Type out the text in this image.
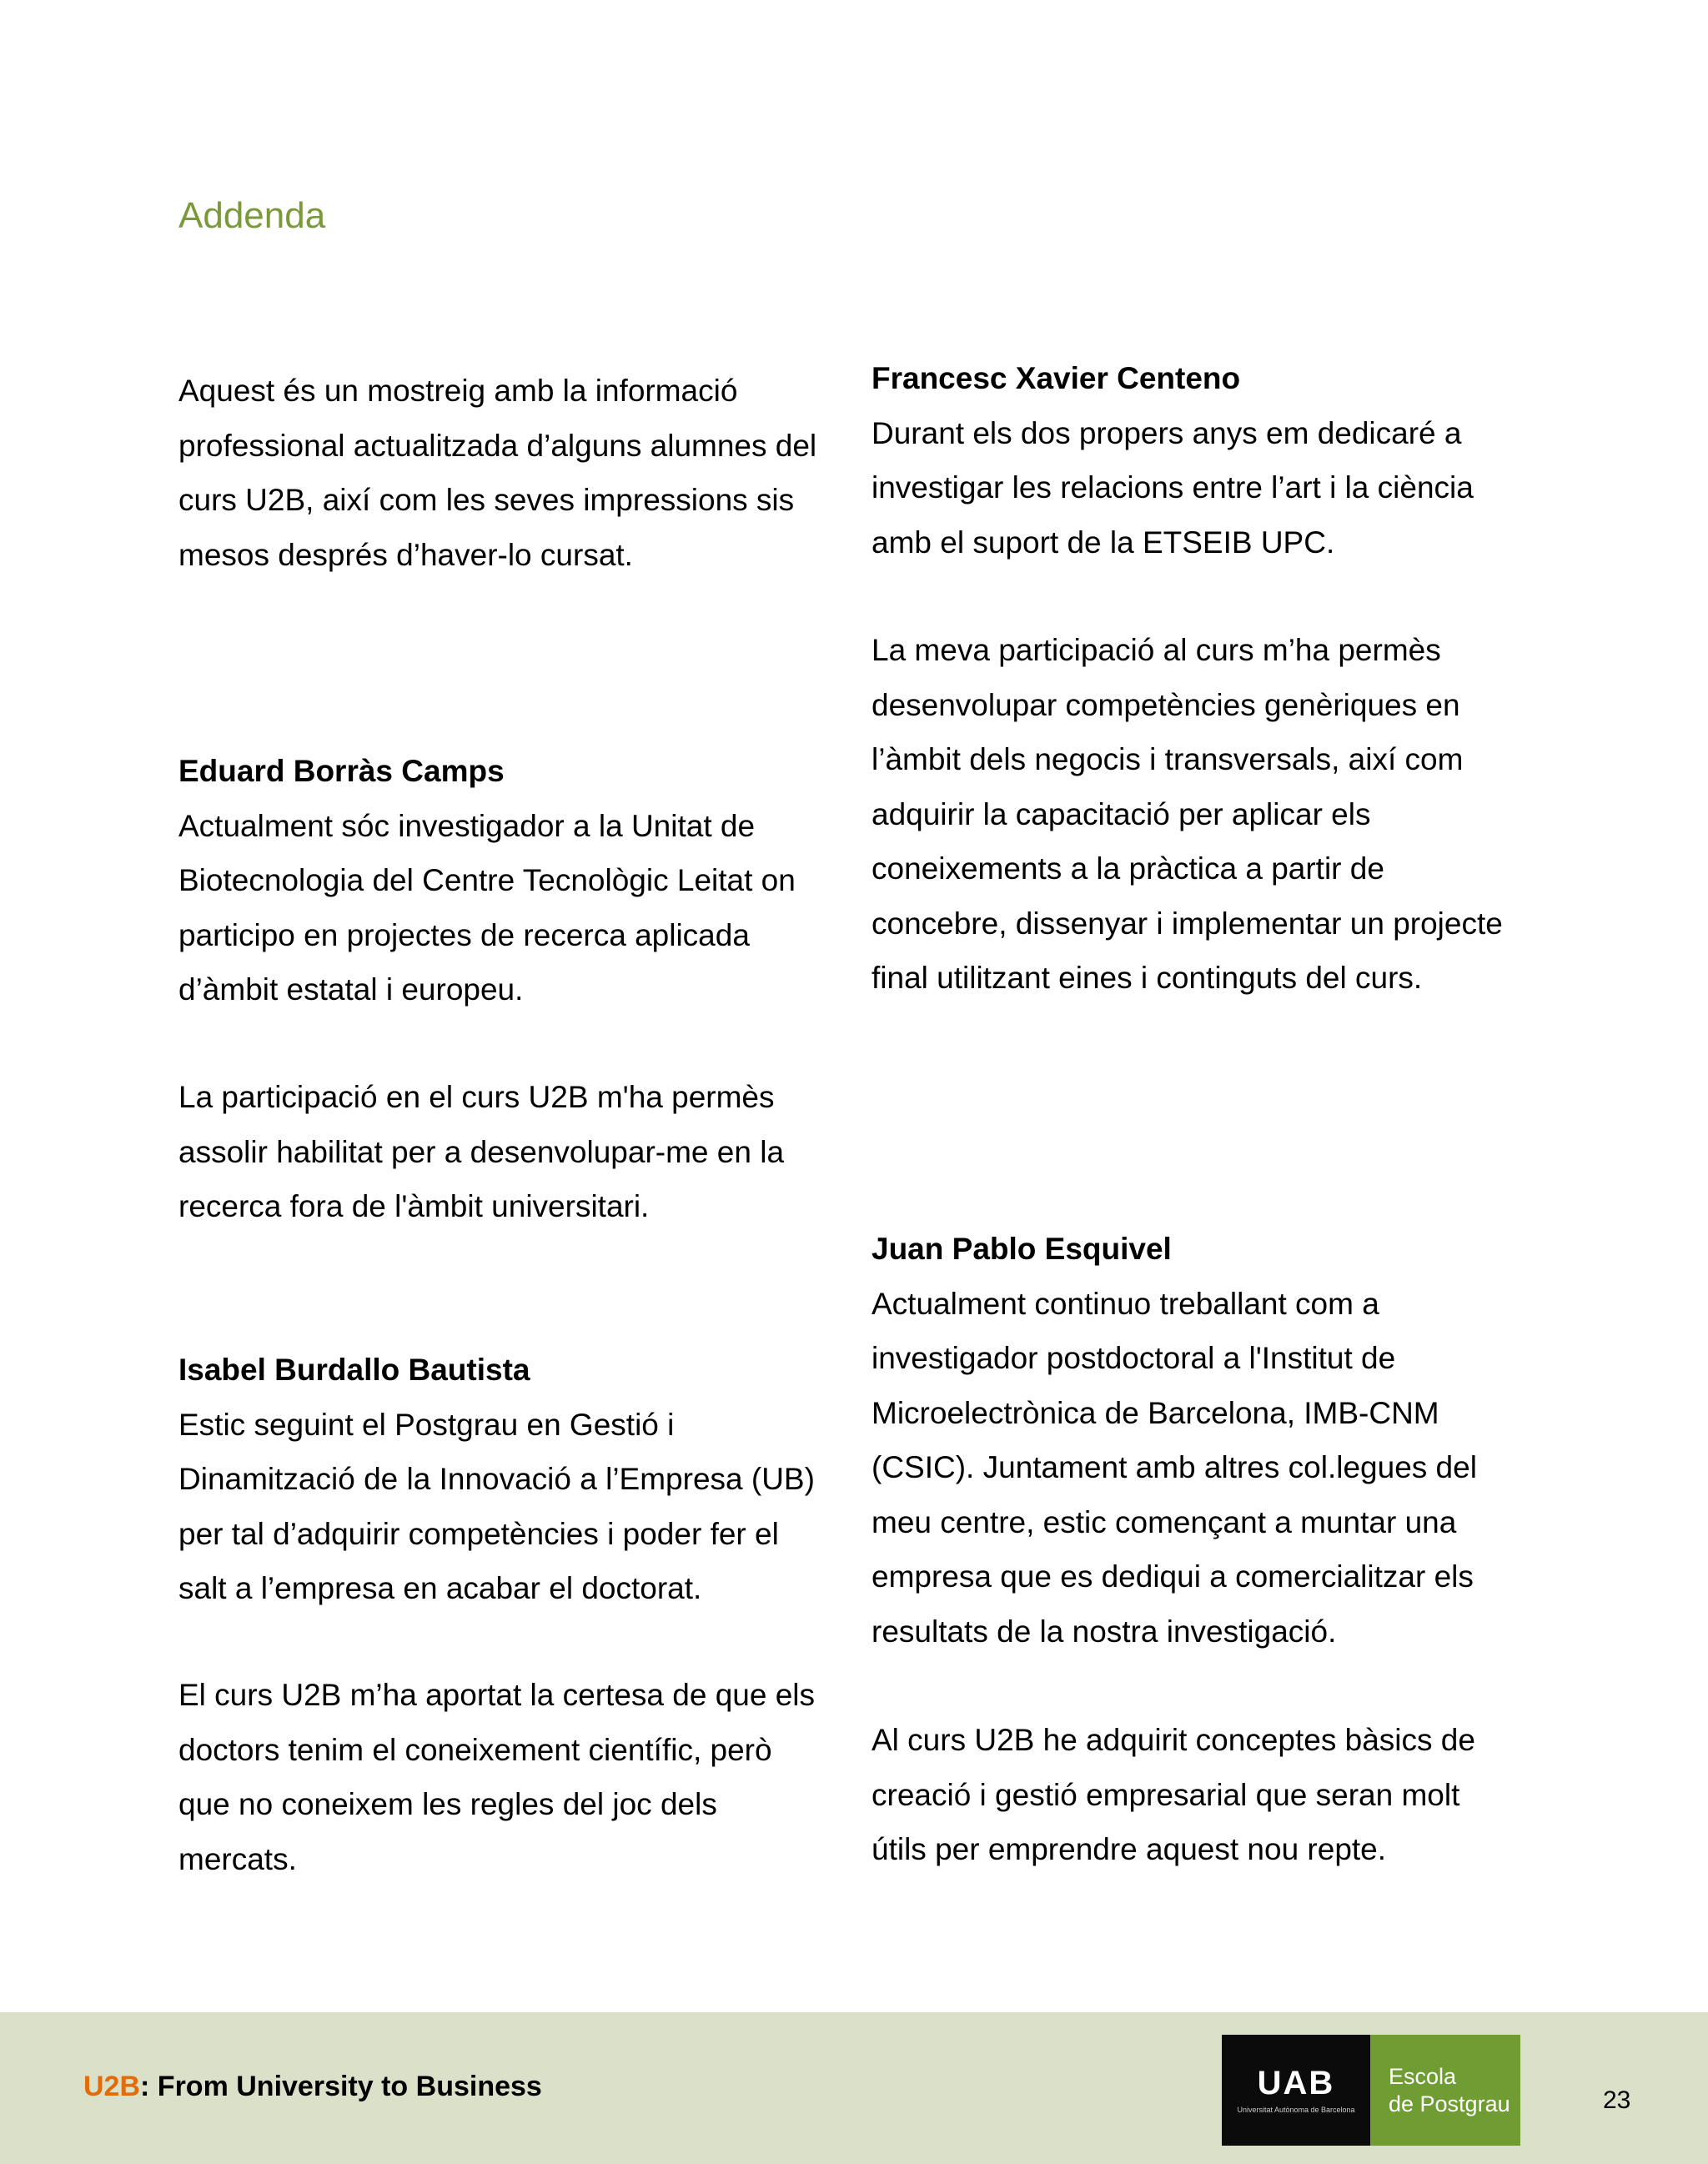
Addenda

Aquest és un mostreig amb la informació professional actualitzada d’alguns alumnes del curs U2B, així com les seves impressions sis mesos després d’haver-lo cursat.

Eduard Borràs Camps
Actualment sóc investigador a la Unitat de Biotecnologia del Centre Tecnològic Leitat on participo en projectes de recerca aplicada d’àmbit estatal i europeu.

La participació en el curs U2B m'ha permès assolir habilitat per a desenvolupar-me en la recerca fora de l'àmbit universitari.

Isabel Burdallo Bautista
Estic seguint el Postgrau en Gestió i Dinamització de la Innovació a l’Empresa (UB) per tal d’adquirir competències i poder fer el salt a l’empresa en acabar el doctorat.

El curs U2B m’ha aportat la certesa de que els doctors tenim el coneixement científic, però que no coneixem les regles del joc dels mercats.

Francesc Xavier Centeno
Durant els dos propers anys em dedicaré a investigar les relacions entre l’art i la ciència amb el suport de la ETSEIB UPC.

La meva participació al curs m’ha permès desenvolupar competències genèriques en l’àmbit dels negocis i transversals, així com adquirir la capacitació per aplicar els coneixements a la pràctica a partir de concebre, dissenyar i implementar un projecte final utilitzant eines i continguts del curs.

Juan Pablo Esquivel
Actualment continuo treballant com a investigador postdoctoral a l'Institut de Microelectrònica de Barcelona, IMB-CNM (CSIC). Juntament amb altres col.legues del meu centre, estic començant a muntar una empresa que es dediqui a comercialitzar els resultats de la nostra investigació.

Al curs U2B he adquirit conceptes bàsics de creació i gestió empresarial que seran molt útils per emprendre aquest nou repte.

U2B: From University to Business	UAB
Universitat Autònoma de Barcelona
Escola
de Postgrau	23
